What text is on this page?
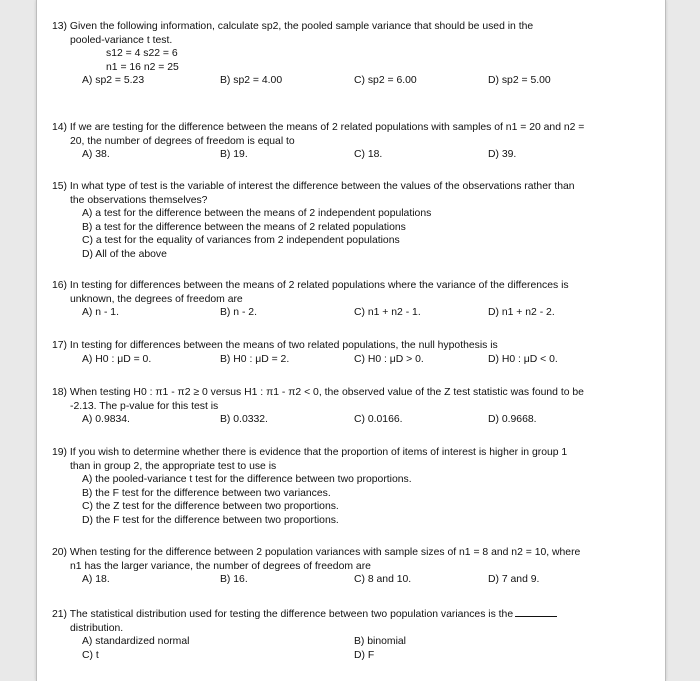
13) Given the following information, calculate sp2, the pooled sample variance that should be used in the
pooled-variance t test.
s12 = 4 s22 = 6
n1 = 16 n2 = 25
A) sp2 = 5.23	B) sp2 = 4.00	C) sp2 = 6.00	D) sp2 = 5.00
14) If we are testing for the difference between the means of 2 related populations with samples of n1 = 20 and n2 =
20, the number of degrees of freedom is equal to
A) 38.	B) 19.	C) 18.	D) 39.
15) In what type of test is the variable of interest the difference between the values of the observations rather than
the observations themselves?
A) a test for the difference between the means of 2 independent populations
B) a test for the difference between the means of 2 related populations
C) a test for the equality of variances from 2 independent populations
D) All of the above
16) In testing for differences between the means of 2 related populations where the variance of the differences is
unknown, the degrees of freedom are
A) n - 1.	B) n - 2.	C) n1 + n2 - 1.	D) n1 + n2 - 2.
17) In testing for differences between the means of two related populations, the null hypothesis is
A) H0 : μD = 0.	B) H0 : μD = 2.	C) H0 : μD > 0.	D) H0 : μD < 0.
18) When testing H0 : π1 - π2 ≥ 0 versus H1 : π1 - π2 < 0, the observed value of the Z test statistic was found to be
-2.13. The p-value for this test is
A) 0.9834.	B) 0.0332.	C) 0.0166.	D) 0.9668.
19) If you wish to determine whether there is evidence that the proportion of items of interest is higher in group 1
than in group 2, the appropriate test to use is
A) the pooled-variance t test for the difference between two proportions.
B) the F test for the difference between two variances.
C) the Z test for the difference between two proportions.
D) the F test for the difference between two proportions.
20) When testing for the difference between 2 population variances with sample sizes of n1 = 8 and n2 = 10, where
n1 has the larger variance, the number of degrees of freedom are
A) 18.	B) 16.	C) 8 and 10.	D) 7 and 9.
21) The statistical distribution used for testing the difference between two population variances is the
distribution.
A) standardized normal	B) binomial
C) t	D) F
